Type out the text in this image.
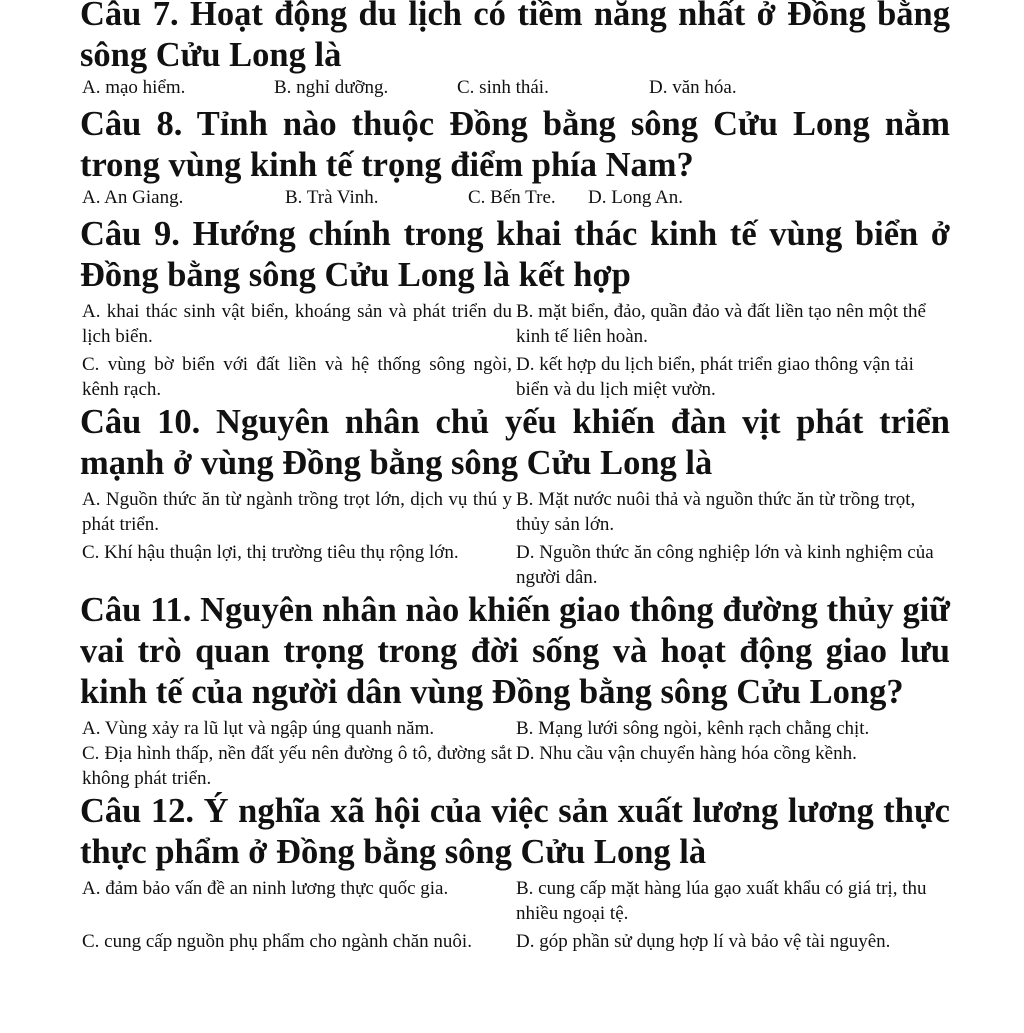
Câu 7. Hoạt động du lịch có tiềm năng nhất ở Đồng bằng sông Cửu Long là

A. mạo hiểm.	B. nghỉ dưỡng.	C. sinh thái.	D. văn hóa.

Câu 8. Tỉnh nào thuộc Đồng bằng sông Cửu Long nằm trong vùng kinh tế trọng điểm phía Nam?

A. An Giang.	B. Trà Vinh.	C. Bến Tre.	D. Long An.

Câu 9. Hướng chính trong khai thác kinh tế vùng biển ở Đồng bằng sông Cửu Long là kết hợp

A. khai thác sinh vật biển, khoáng sản và phát triển du lịch biển.
B. mặt biển, đảo, quần đảo và đất liền tạo nên một thể kinh tế liên hoàn.
C. vùng bờ biển với đất liền và hệ thống sông ngòi, kênh rạch.
D. kết hợp du lịch biển, phát triển giao thông vận tải biển và du lịch miệt vườn.

Câu 10. Nguyên nhân chủ yếu khiến đàn vịt phát triển mạnh ở vùng Đồng bằng sông Cửu Long là

A. Nguồn thức ăn từ ngành trồng trọt lớn, dịch vụ thú y phát triển.
B. Mặt nước nuôi thả và nguồn thức ăn từ trồng trọt, thủy sản lớn.
C. Khí hậu thuận lợi, thị trường tiêu thụ rộng lớn.	D. Nguồn thức ăn công nghiệp lớn và kinh nghiệm của người dân.

Câu 11. Nguyên nhân nào khiến giao thông đường thủy giữ vai trò quan trọng trong đời sống và hoạt động giao lưu kinh tế của người dân vùng Đồng bằng sông Cửu Long?

A. Vùng xảy ra lũ lụt và ngập úng quanh năm.	B. Mạng lưới sông ngòi, kênh rạch chằng chịt.
C. Địa hình thấp, nền đất yếu nên đường ô tô, đường sắt không phát triển.
D. Nhu cầu vận chuyển hàng hóa cồng kềnh.

Câu 12. Ý nghĩa xã hội của việc sản xuất lương lương thực thực phẩm ở Đồng bằng sông Cửu Long là

A. đảm bảo vấn đề an ninh lương thực quốc gia.	B. cung cấp mặt hàng lúa gạo xuất khẩu có giá trị, thu nhiều ngoại tệ.
C. cung cấp nguồn phụ phẩm cho ngành chăn nuôi.	D. góp phần sử dụng hợp lí và bảo vệ tài nguyên.
